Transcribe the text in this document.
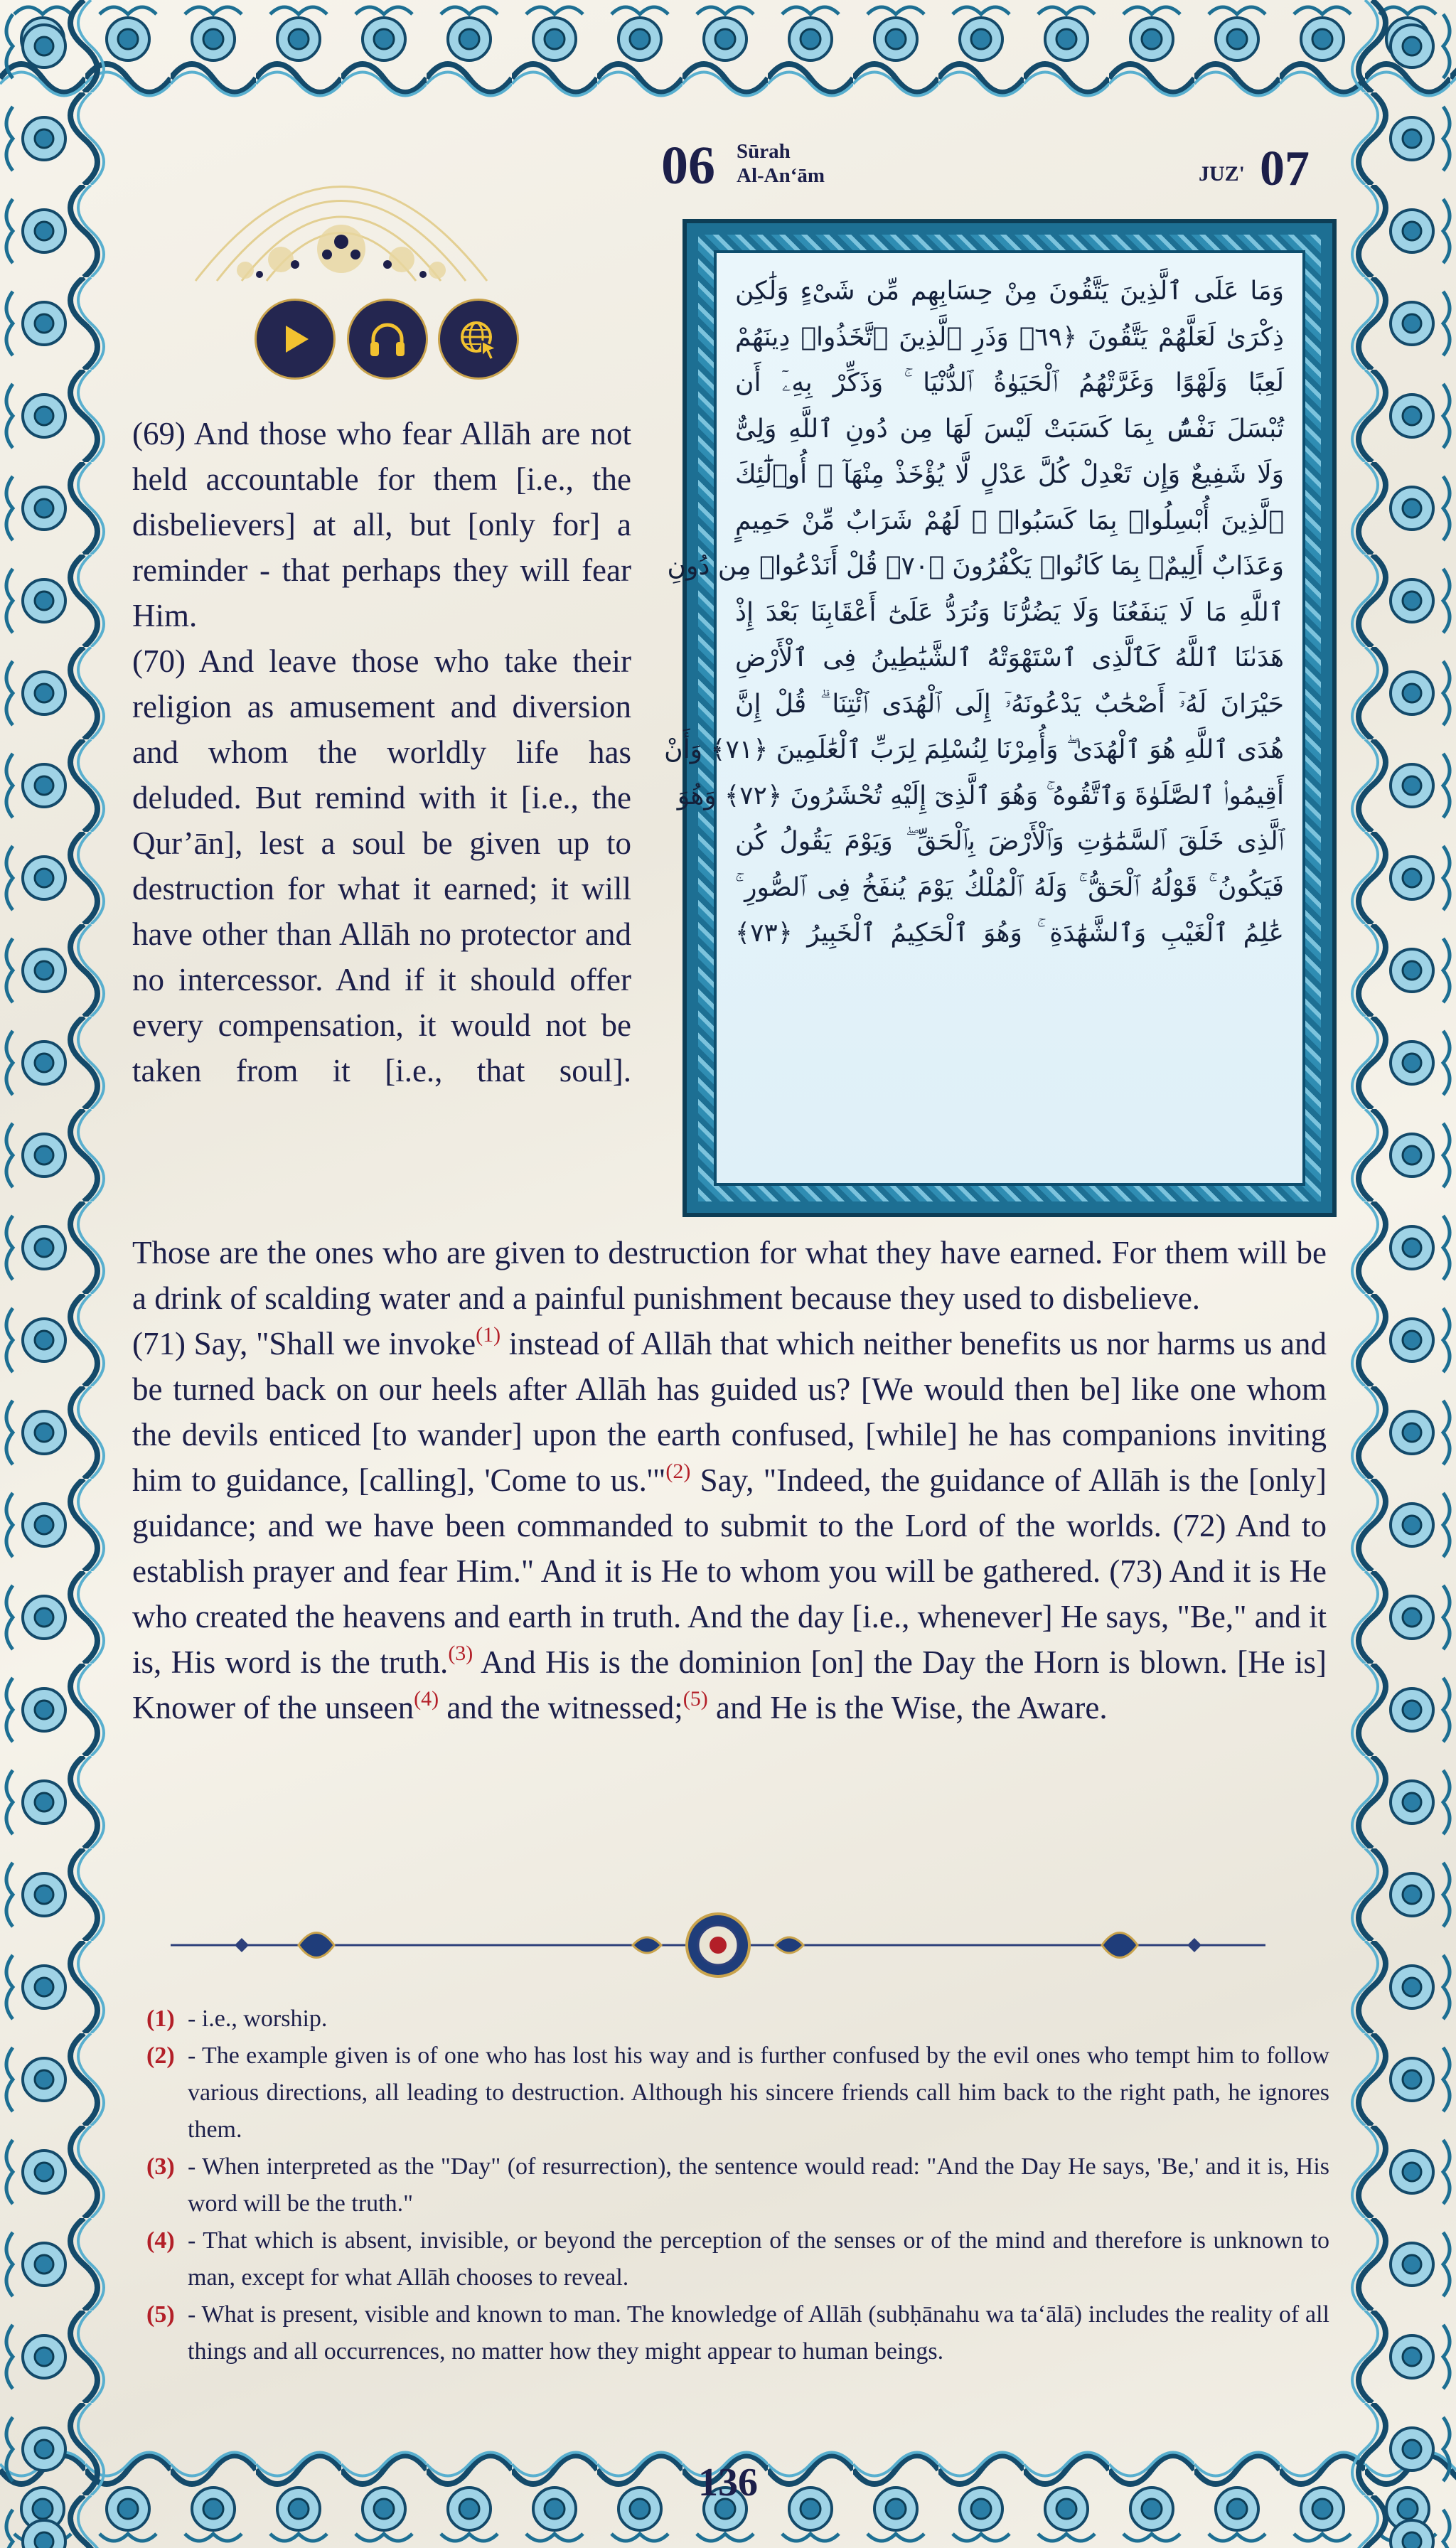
06 Sūrah
Al-An‘ām	JUZ' 07
وَمَا عَلَى ٱلَّذِينَ يَتَّقُونَ مِنْ حِسَابِهِم مِّن شَىْءٍ وَلَٰكِن
ذِكْرَىٰ لَعَلَّهُمْ يَتَّقُونَ ﴿٦٩﴾ وَذَرِ ٱلَّذِينَ ٱتَّخَذُوا۟ دِينَهُمْ
لَعِبًا وَلَهْوًا وَغَرَّتْهُمُ ٱلْحَيَوٰةُ ٱلدُّنْيَا ۚ وَذَكِّرْ بِهِۦٓ أَن
تُبْسَلَ نَفْسٌۢ بِمَا كَسَبَتْ لَيْسَ لَهَا مِن دُونِ ٱللَّهِ وَلِىٌّ
وَلَا شَفِيعٌ وَإِن تَعْدِلْ كُلَّ عَدْلٍ لَّا يُؤْخَذْ مِنْهَآ ۗ أُو۟لَٰٓئِكَ
ٱلَّذِينَ أُبْسِلُوا۟ بِمَا كَسَبُوا۟ ۖ لَهُمْ شَرَابٌ مِّنْ حَمِيمٍ
وَعَذَابٌ أَلِيمٌۢ بِمَا كَانُوا۟ يَكْفُرُونَ ﴿٧٠﴾ قُلْ أَنَدْعُوا۟ مِن دُونِ
ٱللَّهِ مَا لَا يَنفَعُنَا وَلَا يَضُرُّنَا وَنُرَدُّ عَلَىٰٓ أَعْقَابِنَا بَعْدَ إِذْ
هَدَىٰنَا ٱللَّهُ كَٱلَّذِى ٱسْتَهْوَتْهُ ٱلشَّيَٰطِينُ فِى ٱلْأَرْضِ
حَيْرَانَ لَهُۥٓ أَصْحَٰبٌ يَدْعُونَهُۥٓ إِلَى ٱلْهُدَى ٱئْتِنَا ۗ قُلْ إِنَّ
هُدَى ٱللَّهِ هُوَ ٱلْهُدَىٰ ۖ وَأُمِرْنَا لِنُسْلِمَ لِرَبِّ ٱلْعَٰلَمِينَ ﴿٧١﴾ وَأَنْ
أَقِيمُوا۟ ٱلصَّلَوٰةَ وَٱتَّقُوهُ ۚ وَهُوَ ٱلَّذِىٓ إِلَيْهِ تُحْشَرُونَ ﴿٧٢﴾ وَهُوَ
ٱلَّذِى خَلَقَ ٱلسَّمَٰوَٰتِ وَٱلْأَرْضَ بِٱلْحَقِّ ۖ وَيَوْمَ يَقُولُ كُن
فَيَكُونُ ۚ قَوْلُهُ ٱلْحَقُّ ۚ وَلَهُ ٱلْمُلْكُ يَوْمَ يُنفَخُ فِى ٱلصُّورِ ۚ
عَٰلِمُ ٱلْغَيْبِ وَٱلشَّهَٰدَةِ ۚ وَهُوَ ٱلْحَكِيمُ ٱلْخَبِيرُ ﴿٧٣﴾

(69) And those who fear Allāh are not held accountable for them [i.e., the disbelievers] at all, but [only for] a reminder - that perhaps they will fear Him.

(70) And leave those who take their religion as amusement and diversion and whom the worldly life has deluded. But remind with it [i.e., the Qur’ān], lest a soul be given up to destruction for what it earned; it will have other than Allāh no protector and no intercessor. And if it should offer every compensation, it would not be taken from it [i.e., that soul].

Those are the ones who are given to destruction for what they have earned. For them will be a drink of scalding water and a painful punishment because they used to disbelieve.

(71) Say, "Shall we invoke$^{(1)}$ instead of Allāh that which neither benefits us nor harms us and be turned back on our heels after Allāh has guided us? [We would then be] like one whom the devils enticed [to wander] upon the earth confused, [while] he has companions inviting him to guidance, [calling], 'Come to us.'"$^{(2)}$ Say, "Indeed, the guidance of Allāh is the [only] guidance; and we have been commanded to submit to the Lord of the worlds. (72) And to establish prayer and fear Him." And it is He to whom you will be gathered. (73) And it is He who created the heavens and earth in truth. And the day [i.e., whenever] He says, "Be," and it is, His word is the truth.$^{(3)}$ And His is the dominion [on] the Day the Horn is blown. [He is] Knower of the unseen$^{(4)}$ and the witnessed;$^{(5)}$ and He is the Wise, the Aware.

(1) - i.e., worship.
(2) - The example given is of one who has lost his way and is further confused by the evil ones who tempt him to follow various directions, all leading to destruction. Although his sincere friends call him back to the right path, he ignores them.
(3) - When interpreted as the "Day" (of resurrection), the sentence would read: "And the Day He says, 'Be,' and it is, His word will be the truth."
(4) - That which is absent, invisible, or beyond the perception of the senses or of the mind and therefore is unknown to man, except for what Allāh chooses to reveal.
(5) - What is present, visible and known to man. The knowledge of Allāh (subḥānahu wa ta‘ālā) includes the reality of all things and all occurrences, no matter how they might appear to human beings.
136
